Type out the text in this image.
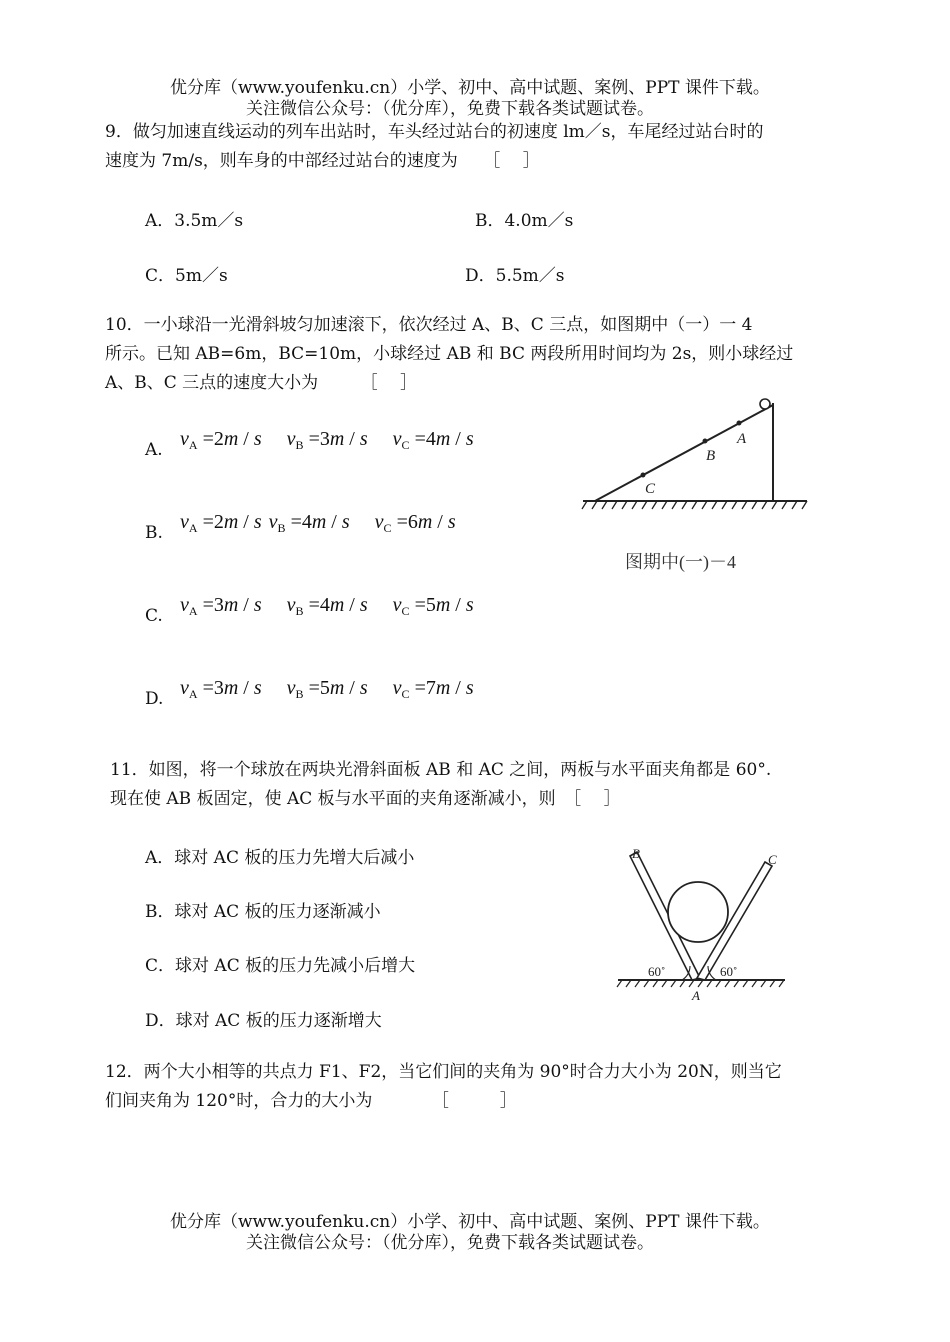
优分库（www.youfenku.cn）小学、初中、高中试题、案例、PPT 课件下载。
关注微信公众号：（优分库），免费下载各类试题试卷。
9．做匀加速直线运动的列车出站时，车头经过站台的初速度 lm／s，车尾经过站台时的
速度为 7m/s，则车身的中部经过站台的速度为　　［　 ］
A．3.5m／s	B．4.0m／s
C．5m／s	D．5.5m／s
10．一小球沿一光滑斜坡匀加速滚下，依次经过 A、B、C 三点，如图期中（一）一 4
所示。已知 AB=6m，BC=10m，小球经过 AB 和 BC 两段所用时间均为 2s，则小球经过
A、B、C 三点的速度大小为　　　［　 ］
A. $v_A =2m / s$ $v_B =3m / s$ $v_C =4m / s$
B. $v_A =2m / s$ $v_B =4m / s$ $v_C =6m / s$
C. $v_A =3m / s$ $v_B =4m / s$ $v_C =5m / s$
D. $v_A =3m / s$ $v_B =5m / s$ $v_C =7m / s$
A
B
C
图期中(一)－4
11．如图，将一个球放在两块光滑斜面板 AB 和 AC 之间，两板与水平面夹角都是 60°.
现在使 AB 板固定，使 AC 板与水平面的夹角逐渐减小，则　［　 ］
A．球对 AC 板的压力先增大后减小
B．球对 AC 板的压力逐渐减小
C．球对 AC 板的压力先减小后增大
D．球对 AC 板的压力逐渐增大
B	C
A
60˚	60˚
12．两个大小相等的共点力 F1、F2，当它们间的夹角为 90°时合力大小为 20N，则当它
们间夹角为 120°时，合力的大小为　　　　［　　　］
优分库（www.youfenku.cn）小学、初中、高中试题、案例、PPT 课件下载。
关注微信公众号：（优分库），免费下载各类试题试卷。
